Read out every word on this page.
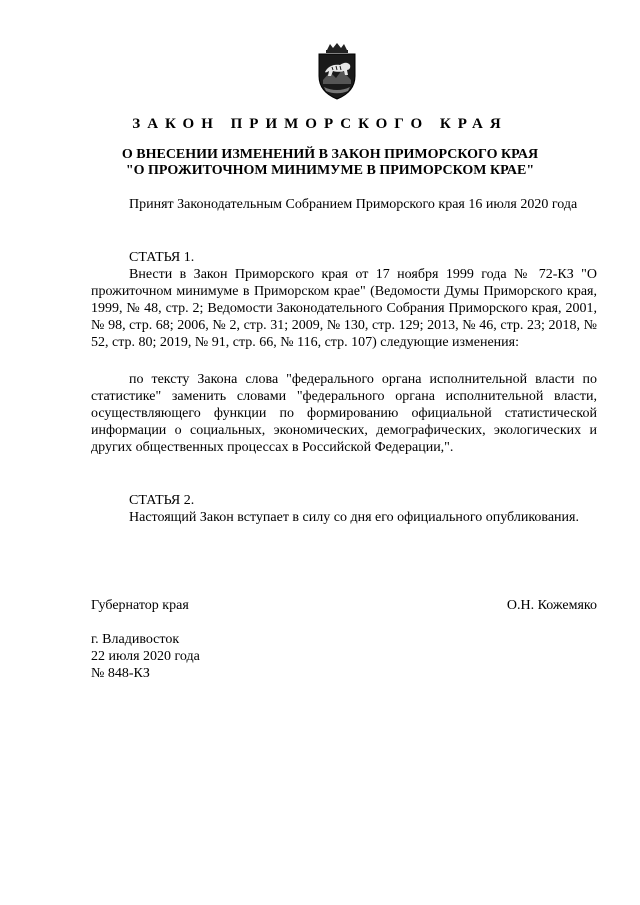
ЗАКОН ПРИМОРСКОГО КРАЯ
О ВНЕСЕНИИ ИЗМЕНЕНИЙ В ЗАКОН ПРИМОРСКОГО КРАЯ
"О ПРОЖИТОЧНОМ МИНИМУМЕ В ПРИМОРСКОМ КРАЕ"
Принят Законодательным Собранием Приморского края 16 июля 2020 года
СТАТЬЯ 1.
Внести в Закон Приморского края от 17 ноября 1999 года № 72-КЗ "О прожиточном минимуме в Приморском крае" (Ведомости Думы Приморского края, 1999, № 48, стр. 2; Ведомости Законодательного Собрания Приморского края, 2001, № 98, стр. 68; 2006, № 2, стр. 31; 2009, № 130, стр. 129; 2013, № 46, стр. 23; 2018, № 52, стр. 80; 2019, № 91, стр. 66, № 116, стр. 107) следующие изменения:
по тексту Закона слова "федерального органа исполнительной власти по статистике" заменить словами "федерального органа исполнительной власти, осуществляющего функции по формированию официальной статистической информации о социальных, экономических, демографических, экологических и других общественных процессах в Российской Федерации,".
СТАТЬЯ 2.
Настоящий Закон вступает в силу со дня его официального опубликования.
Губернатор края	О.Н. Кожемяко
г. Владивосток
22 июля 2020 года
№ 848-КЗ
